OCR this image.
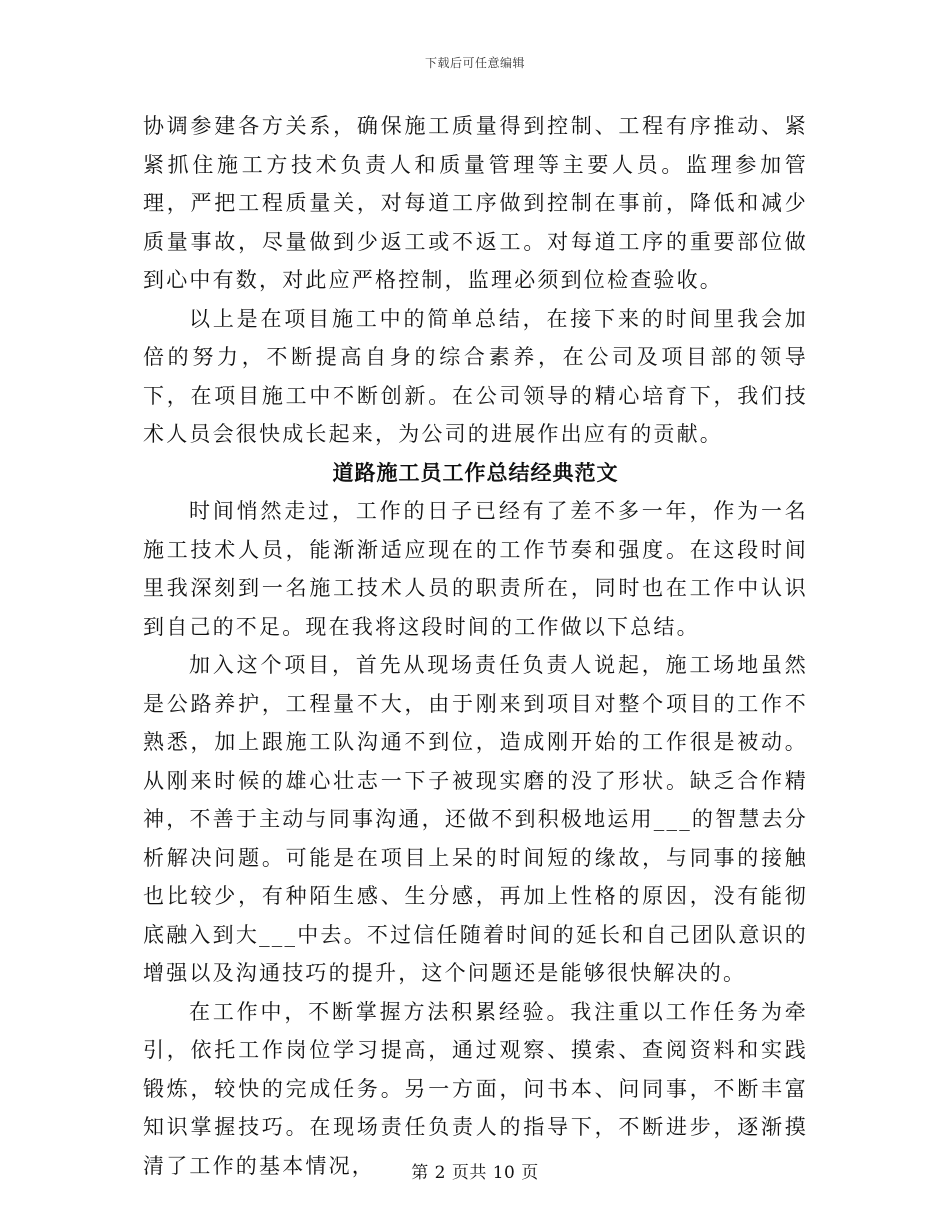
下载后可任意编辑

协调参建各方关系，确保施工质量得到控制、工程有序推动、紧紧抓住施工方技术负责人和质量管理等主要人员。监理参加管理，严把工程质量关，对每道工序做到控制在事前，降低和减少质量事故，尽量做到少返工或不返工。对每道工序的重要部位做到心中有数，对此应严格控制，监理必须到位检查验收。

以上是在项目施工中的简单总结，在接下来的时间里我会加倍的努力，不断提高自身的综合素养，在公司及项目部的领导下，在项目施工中不断创新。在公司领导的精心培育下，我们技术人员会很快成长起来，为公司的进展作出应有的贡献。

道路施工员工作总结经典范文

时间悄然走过，工作的日子已经有了差不多一年，作为一名施工技术人员，能渐渐适应现在的工作节奏和强度。在这段时间里我深刻到一名施工技术人员的职责所在，同时也在工作中认识到自己的不足。现在我将这段时间的工作做以下总结。

加入这个项目，首先从现场责任负责人说起，施工场地虽然是公路养护，工程量不大，由于刚来到项目对整个项目的工作不熟悉，加上跟施工队沟通不到位，造成刚开始的工作很是被动。从刚来时候的雄心壮志一下子被现实磨的没了形状。缺乏合作精神，不善于主动与同事沟通，还做不到积极地运用___的智慧去分析解决问题。可能是在项目上呆的时间短的缘故，与同事的接触也比较少，有种陌生感、生分感，再加上性格的原因，没有能彻底融入到大___中去。不过信任随着时间的延长和自己团队意识的增强以及沟通技巧的提升，这个问题还是能够很快解决的。

在工作中，不断掌握方法积累经验。我注重以工作任务为牵引，依托工作岗位学习提高，通过观察、摸索、查阅资料和实践锻炼，较快的完成任务。另一方面，问书本、问同事，不断丰富知识掌握技巧。在现场责任负责人的指导下，不断进步，逐渐摸清了工作的基本情况，	第 2 页共 10 页
